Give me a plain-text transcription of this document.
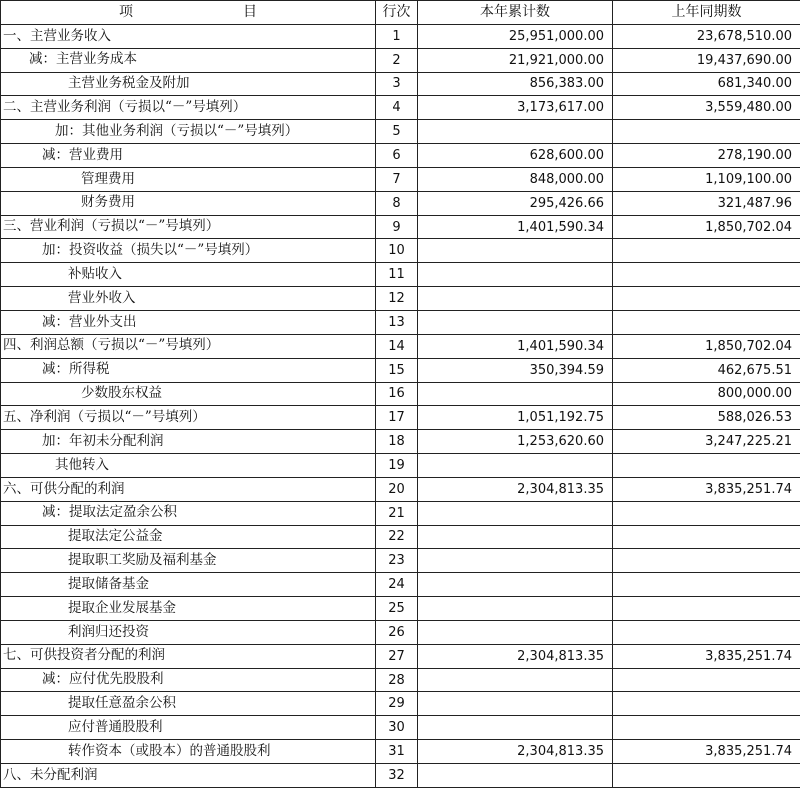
项 目	行次	本年累计数	上年同期数
一、主营业务收入	1	25,951,000.00	23,678,510.00
减：主营业务成本	2	21,921,000.00	19,437,690.00
主营业务税金及附加	3	856,383.00	681,340.00
二、主营业务利润（亏损以“－”号填列）	4	3,173,617.00	3,559,480.00
加：其他业务利润（亏损以“－”号填列）	5		
减：营业费用	6	628,600.00	278,190.00
管理费用	7	848,000.00	1,109,100.00
财务费用	8	295,426.66	321,487.96
三、营业利润（亏损以“－”号填列）	9	1,401,590.34	1,850,702.04
加：投资收益（损失以“－”号填列）	10		
补贴收入	11		
营业外收入	12		
减：营业外支出	13		
四、利润总额（亏损以“－”号填列）	14	1,401,590.34	1,850,702.04
减：所得税	15	350,394.59	462,675.51
少数股东权益	16		800,000.00
五、净利润（亏损以“－”号填列）	17	1,051,192.75	588,026.53
加：年初未分配利润	18	1,253,620.60	3,247,225.21
其他转入	19		
六、可供分配的利润	20	2,304,813.35	3,835,251.74
减：提取法定盈余公积	21		
提取法定公益金	22		
提取职工奖励及福利基金	23		
提取储备基金	24		
提取企业发展基金	25		
利润归还投资	26		
七、可供投资者分配的利润	27	2,304,813.35	3,835,251.74
减：应付优先股股利	28		
提取任意盈余公积	29		
应付普通股股利	30		
转作资本（或股本）的普通股股利	31	2,304,813.35	3,835,251.74
八、未分配利润	32		
